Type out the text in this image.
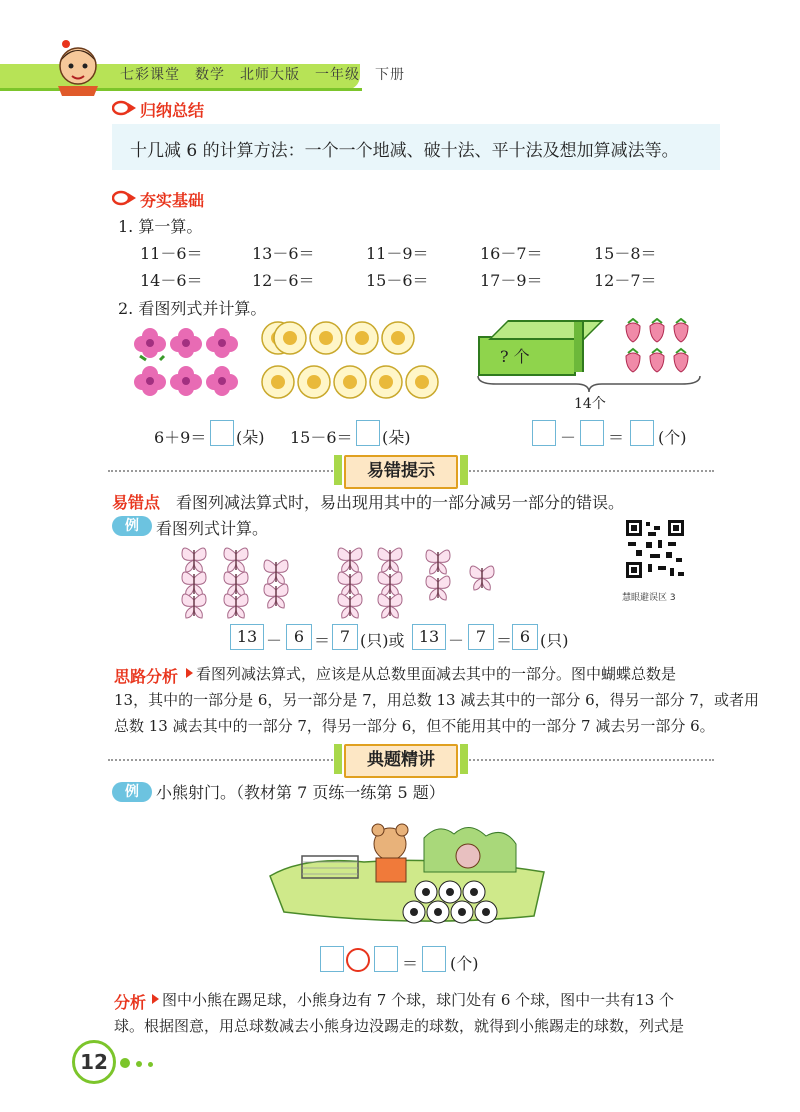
七彩课堂　数学　北师大版　一年级　下册
归纳总结
十几减 6 的计算方法：一个一个地减、破十法、平十法及想加算减法等。
夯实基础
1. 算一算。
11－6＝	13－6＝	11－9＝	16－7＝	15－8＝
14－6＝	12－6＝	15－6＝	17－9＝	12－7＝
2. 看图列式并计算。
? 个
14个
6＋9＝ (朵) 15－6＝ (朵)	－ ＝ (个)
易错提示
易错点 看图列减法算式时，易出现用其中的一部分减另一部分的错误。
例	看图列式计算。
慧眼避误区 3
13 － 6 ＝ 7 (只)或 13 － 7 ＝ 6 (只)
思路分析 看图列减法算式，应该是从总数里面减去其中的一部分。图中蝴蝶总数是
13，其中的一部分是 6，另一部分是 7，用总数 13 减去其中的一部分 6，得另一部分 7，或者用
总数 13 减去其中的一部分 7，得另一部分 6，但不能用其中的一部分 7 减去另一部分 6。
典题精讲
例	小熊射门。（教材第 7 页练一练第 5 题）
＝ (个)
分析 图中小熊在踢足球，小熊身边有 7 个球，球门处有 6 个球，图中一共有13 个
球。根据图意，用总球数减去小熊身边没踢走的球数，就得到小熊踢走的球数，列式是
12
